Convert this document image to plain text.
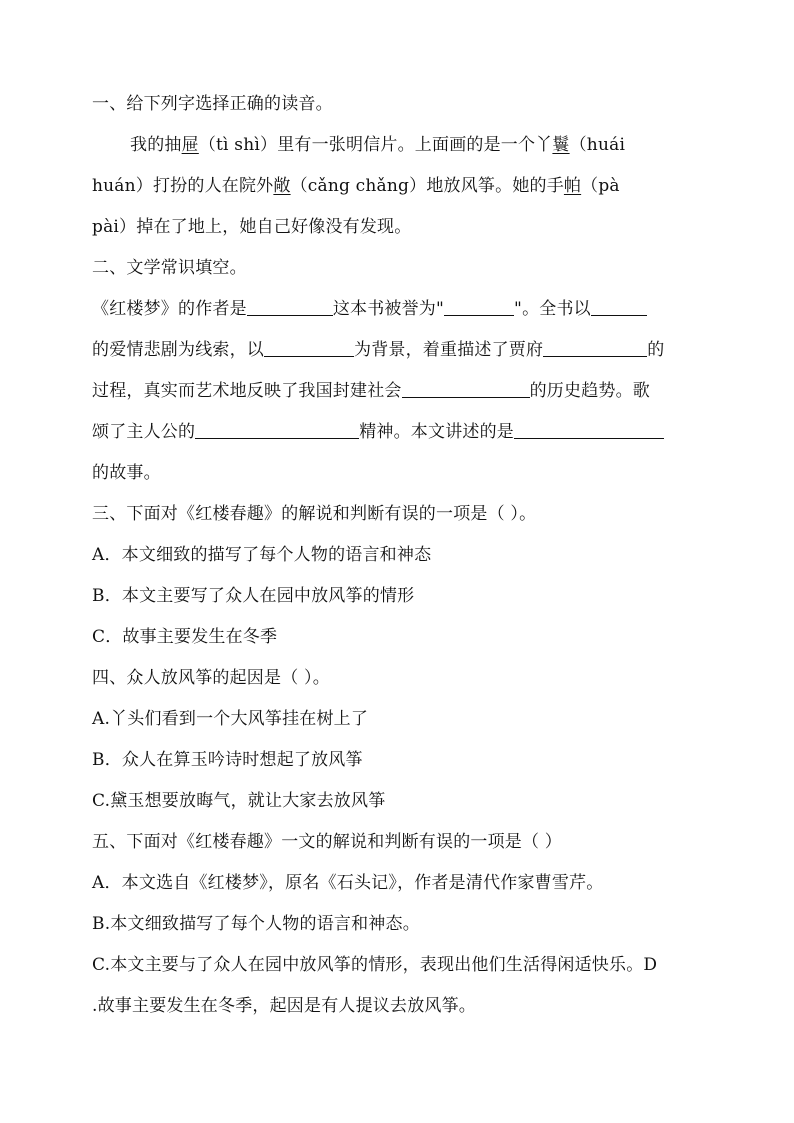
一、给下列字选择正确的读音。
我的抽屉（tì shì）里有一张明信片。上面画的是一个丫鬟（huái
huán）打扮的人在院外敞（cǎng chǎng）地放风筝。她的手帕（pà
pài）掉在了地上，她自己好像没有发现。
二、文学常识填空。
《红楼梦》的作者是	这本书被誉为"	"。全书以
的爱情悲剧为线索，以	为背景，着重描述了贾府	的
过程，真实而艺术地反映了我国封建社会	的历史趋势。歌
颂了主人公的	精神。本文讲述的是
的故事。
三、下面对《红楼春趣》的解说和判断有误的一项是（ ）。
A．本文细致的描写了每个人物的语言和神态
B．本文主要写了众人在园中放风筝的情形
C．故事主要发生在冬季
四、众人放风筝的起因是（ ）。
A.丫头们看到一个大风筝挂在树上了
B．众人在算玉吟诗时想起了放风筝
C.黛玉想要放晦气，就让大家去放风筝
五、下面对《红楼春趣》一文的解说和判断有误的一项是（ ）
A．本文选自《红楼梦》，原名《石头记》，作者是清代作家曹雪芹。
B.本文细致描写了每个人物的语言和神态。
C.本文主要与了众人在园中放风筝的情形，表现出他们生活得闲适快乐。D
.故事主要发生在冬季，起因是有人提议去放风筝。
